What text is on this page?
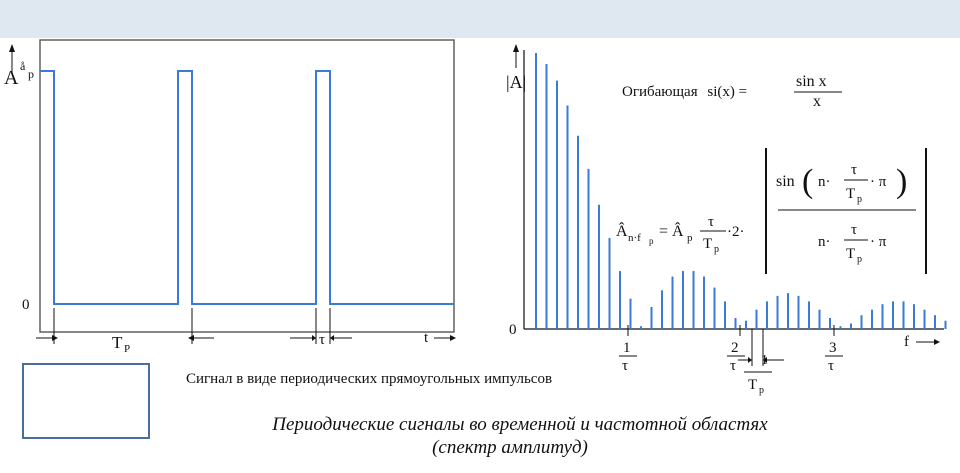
A
å
p
0
T P
τ	t
|A|
0
1
τ
2
τ
3
τ
1
f
Огибающая si(x) =
sin x
x
Â n·f p
= Â p
τ
T p
·2·
sin ( n·
τ
T p
· π )
n·
τ
T p
· π
Сигнал в виде периодических прямоугольных импульсов	T p
Периодические сигналы во временной и частотной областях
(спектр амплитуд)
